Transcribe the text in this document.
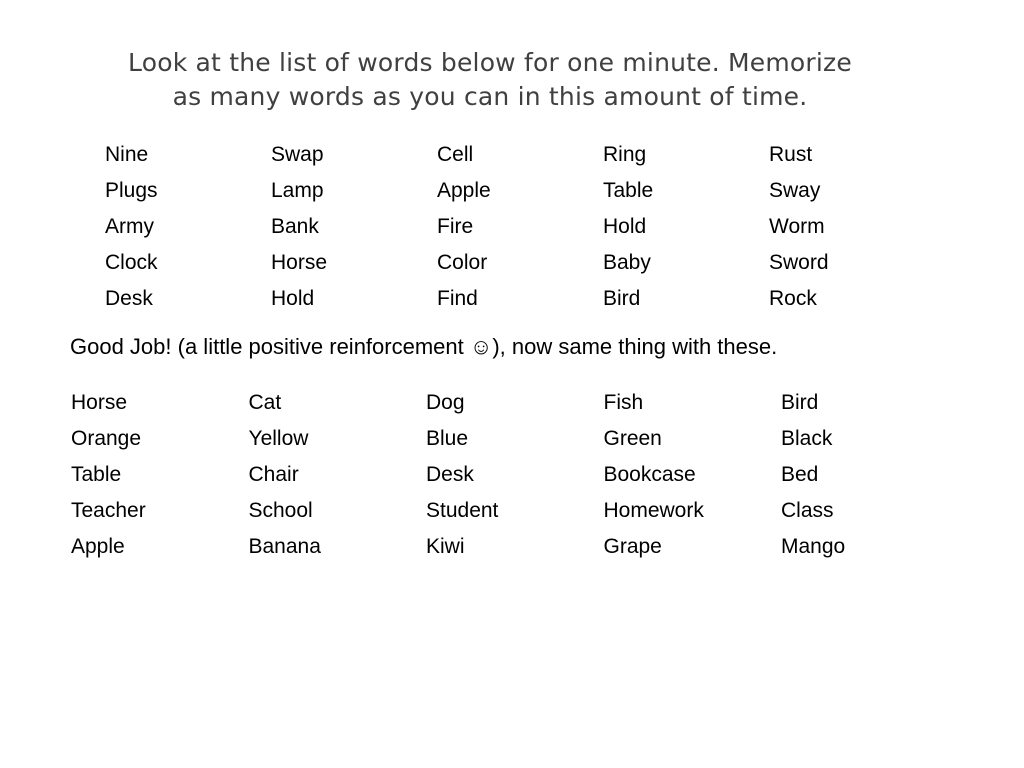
Look at the list of words below for one minute. Memorize
as many words as you can in this amount of time.
Nine	Swap	Cell	Ring	Rust
Plugs	Lamp	Apple	Table	Sway
Army	Bank	Fire	Hold	Worm
Clock	Horse	Color	Baby	Sword
Desk	Hold	Find	Bird	Rock
Good Job! (a little positive reinforcement ☺), now same thing with these.
Horse	Cat	Dog	Fish	Bird
Orange	Yellow	Blue	Green	Black
Table	Chair	Desk	Bookcase	Bed
Teacher	School	Student	Homework	Class
Apple	Banana	Kiwi	Grape	Mango
